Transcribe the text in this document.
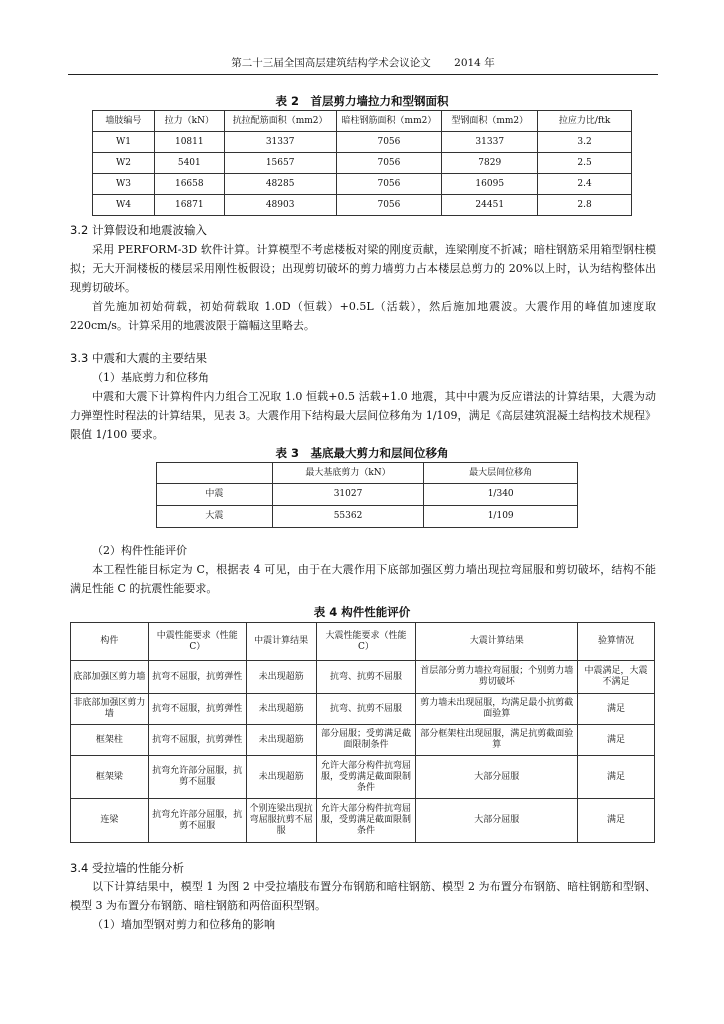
第二十三届全国高层建筑结构学术会议论文 2014 年
表 2　首层剪力墙拉力和型钢面积
墙肢编号	拉力（kN）	抗拉配筋面积（mm2）	暗柱钢筋面积（mm2）	型钢面积（mm2）	拉应力比/ftk
W1	10811	31337	7056	31337	3.2
W2	5401	15657	7056	7829	2.5
W3	16658	48285	7056	16095	2.4
W4	16871	48903	7056	24451	2.8
3.2 计算假设和地震波输入
采用 PERFORM-3D 软件计算。计算模型不考虑楼板对梁的刚度贡献，连梁刚度不折减；暗柱钢筋采用箱型钢柱模拟；无大开洞楼板的楼层采用刚性板假设；出现剪切破坏的剪力墙剪力占本楼层总剪力的 20%以上时，认为结构整体出现剪切破坏。
首先施加初始荷载，初始荷载取 1.0D（恒载）+0.5L（活载），然后施加地震波。大震作用的峰值加速度取 220cm/s。计算采用的地震波限于篇幅这里略去。
3.3 中震和大震的主要结果
（1）基底剪力和位移角
中震和大震下计算构件内力组合工况取 1.0 恒载+0.5 活载+1.0 地震，其中中震为反应谱法的计算结果，大震为动力弹塑性时程法的计算结果，见表 3。大震作用下结构最大层间位移角为 1/109，满足《高层建筑混凝土结构技术规程》限值 1/100 要求。
表 3　基底最大剪力和层间位移角
	最大基底剪力（kN）	最大层间位移角
中震	31027	1/340
大震	55362	1/109
（2）构件性能评价
本工程性能目标定为 C，根据表 4 可见，由于在大震作用下底部加强区剪力墙出现拉弯屈服和剪切破坏，结构不能满足性能 C 的抗震性能要求。
表 4 构件性能评价
构件	中震性能要求（性能 C）	中震计算结果	大震性能要求（性能 C）	大震计算结果	验算情况
底部加强区剪力墙	抗弯不屈服，抗剪弹性	未出现超筋	抗弯、抗剪不屈服	首层部分剪力墙拉弯屈服；个别剪力墙剪切破坏	中震满足，大震不满足
非底部加强区剪力墙	抗弯不屈服，抗剪弹性	未出现超筋	抗弯、抗剪不屈服	剪力墙未出现屈服，均满足最小抗剪截面验算	满足
框架柱	抗弯不屈服，抗剪弹性	未出现超筋	部分屈服；受剪满足截面限制条件	部分框架柱出现屈服，满足抗剪截面验算	满足
框架梁	抗弯允许部分屈服，抗剪不屈服	未出现超筋	允许大部分构件抗弯屈服，受剪满足截面限制条件	大部分屈服	满足
连梁	抗弯允许部分屈服，抗剪不屈服	个别连梁出现抗弯屈服抗剪不屈服	允许大部分构件抗弯屈服，受剪满足截面限制条件	大部分屈服	满足
3.4 受拉墙的性能分析
以下计算结果中，模型 1 为图 2 中受拉墙肢布置分布钢筋和暗柱钢筋、模型 2 为布置分布钢筋、暗柱钢筋和型钢、模型 3 为布置分布钢筋、暗柱钢筋和两倍面积型钢。
（1）墙加型钢对剪力和位移角的影响
